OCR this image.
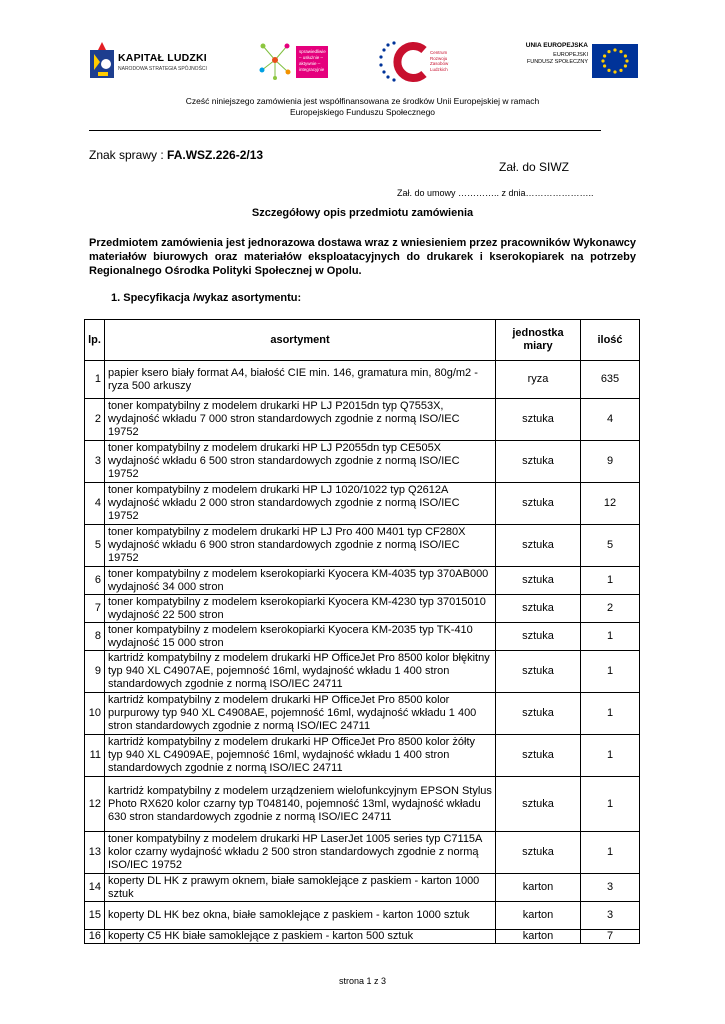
KAPITAŁ LUDZKI
NARODOWA STRATEGIA SPÓJNOŚCI
sprawiedliwie – usłużnie – aktywnie – integracyjnie
Centrum Rozwoju Zasobów Ludzkich
UNIA EUROPEJSKA
EUROPEJSKI
FUNDUSZ SPOŁECZNY
Cześć niniejszego zamówienia jest współfinansowana ze środków Unii Europejskiej w ramach
Europejskiego Funduszu Społecznego
Znak sprawy : FA.WSZ.226-2/13
Zał. do SIWZ
Zał. do umowy ………….. z dnia…………………..
Szczegółowy opis przedmiotu zamówienia
Przedmiotem zamówienia jest jednorazowa dostawa wraz z wniesieniem przez pracowników Wykonawcy materiałów biurowych oraz materiałów eksploatacyjnych do drukarek i kserokopiarek na potrzeby Regionalnego Ośrodka Polityki Społecznej w Opolu.
1. Specyfikacja /wykaz asortymentu:
lp.	asortyment	jednostka miary	ilość
1	papier ksero biały format A4, białość CIE min. 146, gramatura min, 80g/m2 - ryza 500 arkuszy	ryza	635
2	toner kompatybilny z modelem drukarki HP LJ P2015dn typ Q7553X, wydajność wkładu 7 000 stron standardowych zgodnie z normą ISO/IEC 19752	sztuka	4
3	toner kompatybilny z modelem drukarki HP LJ P2055dn typ CE505X wydajność wkładu 6 500 stron standardowych zgodnie z normą ISO/IEC 19752	sztuka	9
4	toner kompatybilny z modelem drukarki HP LJ 1020/1022 typ Q2612A wydajność wkładu 2 000 stron standardowych zgodnie z normą ISO/IEC 19752	sztuka	12
5	toner kompatybilny z modelem drukarki HP LJ Pro 400 M401 typ CF280X wydajność wkładu 6 900 stron standardowych zgodnie z normą ISO/IEC 19752	sztuka	5
6	toner kompatybilny z modelem kserokopiarki Kyocera KM-4035 typ 370AB000 wydajność 34 000 stron	sztuka	1
7	toner kompatybilny z modelem kserokopiarki Kyocera KM-4230 typ 37015010 wydajność 22 500 stron	sztuka	2
8	toner kompatybilny z modelem kserokopiarki Kyocera KM-2035 typ TK-410 wydajność 15 000 stron	sztuka	1
9	kartridż kompatybilny z modelem drukarki HP OfficeJet Pro 8500 kolor błękitny typ 940 XL C4907AE, pojemność 16ml, wydajność wkładu 1 400 stron standardowych zgodnie z normą ISO/IEC 24711	sztuka	1
10	kartridż kompatybilny z modelem drukarki HP OfficeJet Pro 8500 kolor purpurowy typ 940 XL C4908AE, pojemność 16ml, wydajność wkładu 1 400 stron standardowych zgodnie z normą ISO/IEC 24711	sztuka	1
11	kartridż kompatybilny z modelem drukarki HP OfficeJet Pro 8500 kolor żółty typ 940 XL C4909AE, pojemność 16ml, wydajność wkładu 1 400 stron standardowych zgodnie z normą ISO/IEC 24711	sztuka	1
12	kartridż kompatybilny z modelem urządzeniem wielofunkcyjnym EPSON Stylus Photo RX620 kolor czarny typ T048140, pojemność 13ml, wydajność wkładu 630 stron standardowych zgodnie z normą ISO/IEC 24711	sztuka	1
13	toner kompatybilny z modelem drukarki HP LaserJet 1005 series typ C7115A kolor czarny wydajność wkładu 2 500 stron standardowych zgodnie z normą ISO/IEC 19752	sztuka	1
14	koperty DL HK z prawym oknem, białe samoklejące z paskiem - karton 1000 sztuk	karton	3
15	koperty DL HK bez okna, białe samoklejące z paskiem - karton 1000 sztuk	karton	3
16	koperty C5 HK białe samoklejące z paskiem - karton 500 sztuk	karton	7
strona 1 z 3
